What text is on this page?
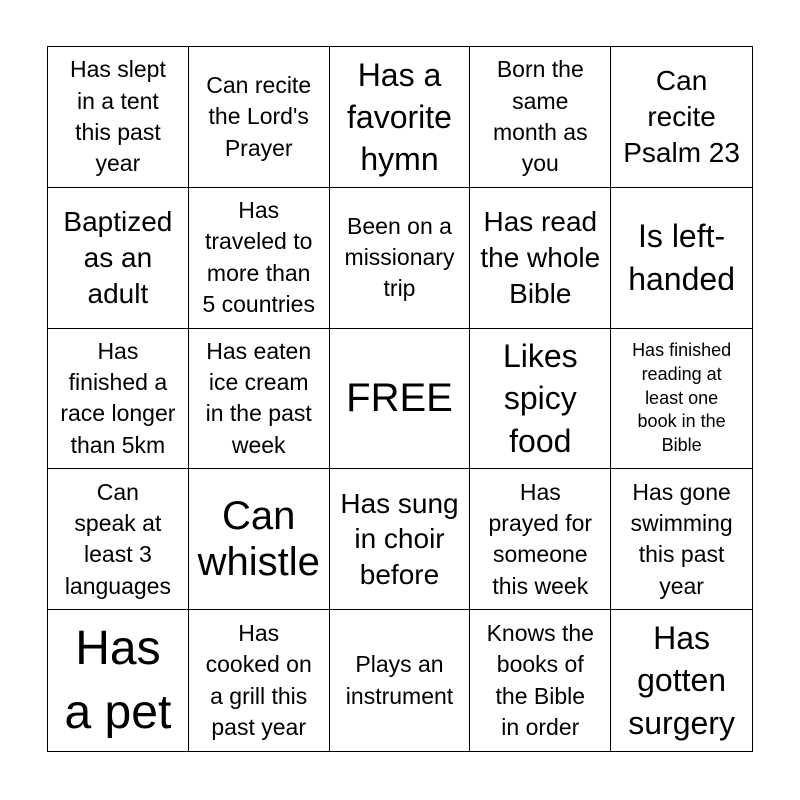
Has slept
in a tent
this past
year
Can recite
the Lord's
Prayer
Has a
favorite
hymn
Born the
same
month as
you
Can
recite
Psalm 23
Baptized
as an
adult
Has
traveled to
more than
5 countries
Been on a
missionary
trip
Has read
the whole
Bible
Is left-
handed
Has
finished a
race longer
than 5km
Has eaten
ice cream
in the past
week
FREE
Likes
spicy
food
Has finished
reading at
least one
book in the
Bible
Can
speak at
least 3
languages
Can
whistle
Has sung
in choir
before
Has
prayed for
someone
this week
Has gone
swimming
this past
year
Has
a pet
Has
cooked on
a grill this
past year
Plays an
instrument
Knows the
books of
the Bible
in order
Has
gotten
surgery
